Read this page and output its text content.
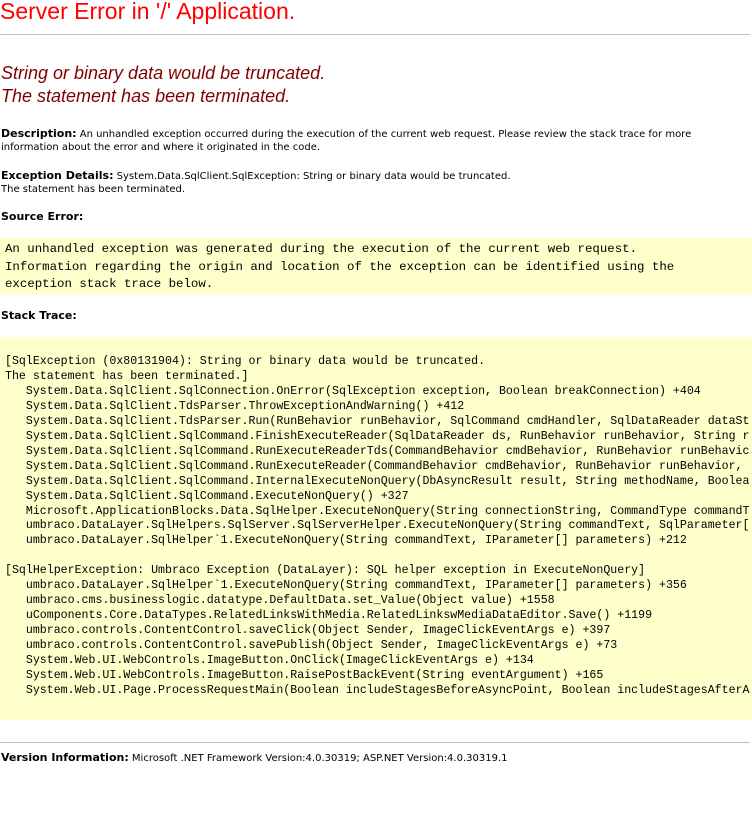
Server Error in '/' Application.
String or binary data would be truncated.
The statement has been terminated.
Description: An unhandled exception occurred during the execution of the current web request. Please review the stack trace for more information about the error and where it originated in the code.
Exception Details: System.Data.SqlClient.SqlException: String or binary data would be truncated.
The statement has been terminated.
Source Error:
An unhandled exception was generated during the execution of the current web request.
Information regarding the origin and location of the exception can be identified using the
exception stack trace below.
Stack Trace:
[SqlException (0x80131904): String or binary data would be truncated.
The statement has been terminated.]
System.Data.SqlClient.SqlConnection.OnError(SqlException exception, Boolean breakConnection) +404
System.Data.SqlClient.TdsParser.ThrowExceptionAndWarning() +412
System.Data.SqlClient.TdsParser.Run(RunBehavior runBehavior, SqlCommand cmdHandler, SqlDataReader dataSt
System.Data.SqlClient.SqlCommand.FinishExecuteReader(SqlDataReader ds, RunBehavior runBehavior, String r
System.Data.SqlClient.SqlCommand.RunExecuteReaderTds(CommandBehavior cmdBehavior, RunBehavior runBehavic
System.Data.SqlClient.SqlCommand.RunExecuteReader(CommandBehavior cmdBehavior, RunBehavior runBehavior,
System.Data.SqlClient.SqlCommand.InternalExecuteNonQuery(DbAsyncResult result, String methodName, Boolea
System.Data.SqlClient.SqlCommand.ExecuteNonQuery() +327
Microsoft.ApplicationBlocks.Data.SqlHelper.ExecuteNonQuery(String connectionString, CommandType commandT
umbraco.DataLayer.SqlHelpers.SqlServer.SqlServerHelper.ExecuteNonQuery(String commandText, SqlParameter[
umbraco.DataLayer.SqlHelper`1.ExecuteNonQuery(String commandText, IParameter[] parameters) +212
[SqlHelperException: Umbraco Exception (DataLayer): SQL helper exception in ExecuteNonQuery]
umbraco.DataLayer.SqlHelper`1.ExecuteNonQuery(String commandText, IParameter[] parameters) +356
umbraco.cms.businesslogic.datatype.DefaultData.set_Value(Object value) +1558
uComponents.Core.DataTypes.RelatedLinksWithMedia.RelatedLinkswMediaDataEditor.Save() +1199
umbraco.controls.ContentControl.saveClick(Object Sender, ImageClickEventArgs e) +397
umbraco.controls.ContentControl.savePublish(Object Sender, ImageClickEventArgs e) +73
System.Web.UI.WebControls.ImageButton.OnClick(ImageClickEventArgs e) +134
System.Web.UI.WebControls.ImageButton.RaisePostBackEvent(String eventArgument) +165
System.Web.UI.Page.ProcessRequestMain(Boolean includeStagesBeforeAsyncPoint, Boolean includeStagesAfterA
Version Information: Microsoft .NET Framework Version:4.0.30319; ASP.NET Version:4.0.30319.1
